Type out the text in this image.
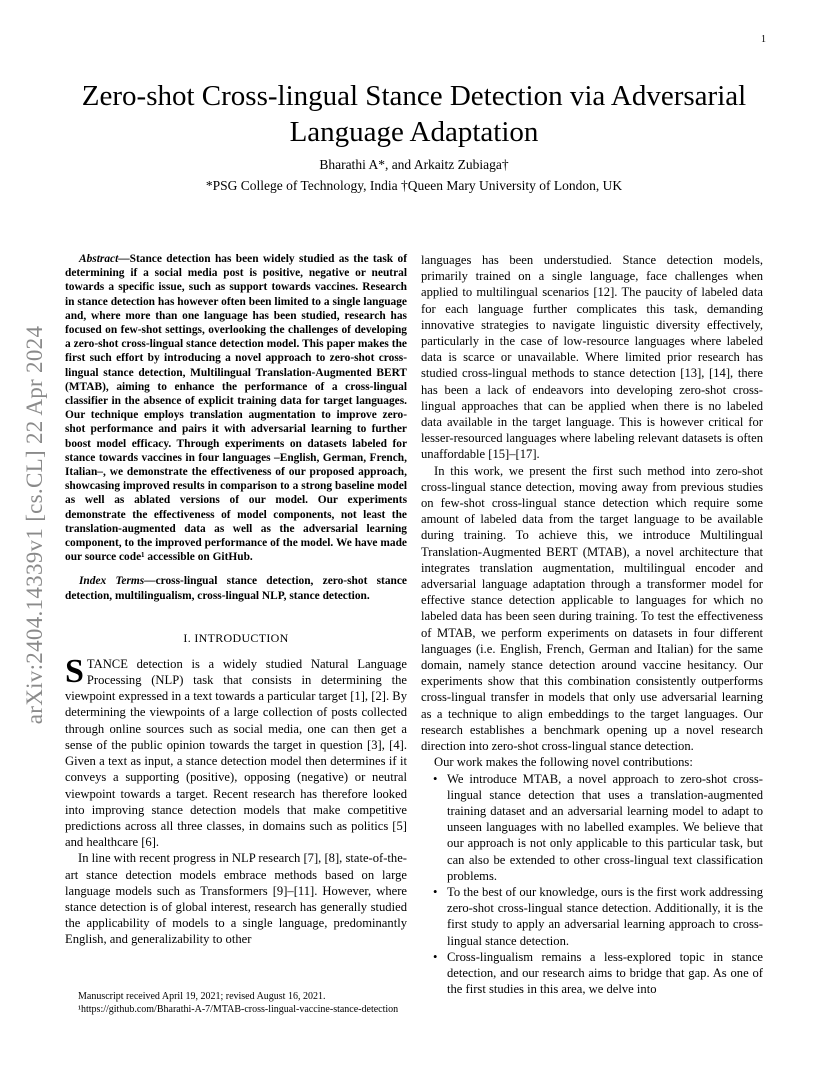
1
arXiv:2404.14339v1 [cs.CL] 22 Apr 2024
Zero-shot Cross-lingual Stance Detection via Adversarial Language Adaptation
Bharathi A*, and Arkaitz Zubiaga†
*PSG College of Technology, India †Queen Mary University of London, UK

Abstract—Stance detection has been widely studied as the task of determining if a social media post is positive, negative or neutral towards a specific issue, such as support towards vaccines. Research in stance detection has however often been limited to a single language and, where more than one language has been studied, research has focused on few-shot settings, overlooking the challenges of developing a zero-shot cross-lingual stance detection model. This paper makes the first such effort by introducing a novel approach to zero-shot cross-lingual stance detection, Multilingual Translation-Augmented BERT (MTAB), aiming to enhance the performance of a cross-lingual classifier in the absence of explicit training data for target languages. Our technique employs translation augmentation to improve zero-shot performance and pairs it with adversarial learning to further boost model efficacy. Through experiments on datasets labeled for stance towards vaccines in four languages –English, German, French, Italian–, we demonstrate the effectiveness of our proposed approach, showcasing improved results in comparison to a strong baseline model as well as ablated versions of our model. Our experiments demonstrate the effectiveness of model components, not least the translation-augmented data as well as the adversarial learning component, to the improved performance of the model. We have made our source code¹ accessible on GitHub.

Index Terms—cross-lingual stance detection, zero-shot stance detection, multilingualism, cross-lingual NLP, stance detection.

I. INTRODUCTION

STANCE detection is a widely studied Natural Language Processing (NLP) task that consists in determining the viewpoint expressed in a text towards a particular target [1], [2]. By determining the viewpoints of a large collection of posts collected through online sources such as social media, one can then get a sense of the public opinion towards the target in question [3], [4]. Given a text as input, a stance detection model then determines if it conveys a supporting (positive), opposing (negative) or neutral viewpoint towards a target. Recent research has therefore looked into improving stance detection models that make competitive predictions across all three classes, in domains such as politics [5] and healthcare [6].

In line with recent progress in NLP research [7], [8], state-of-the-art stance detection models embrace methods based on large language models such as Transformers [9]–[11]. However, where stance detection is of global interest, research has generally studied the applicability of models to a single language, predominantly English, and generalizability to other

languages has been understudied. Stance detection models, primarily trained on a single language, face challenges when applied to multilingual scenarios [12]. The paucity of labeled data for each language further complicates this task, demanding innovative strategies to navigate linguistic diversity effectively, particularly in the case of low-resource languages where labeled data is scarce or unavailable. Where limited prior research has studied cross-lingual methods to stance detection [13], [14], there has been a lack of endeavors into developing zero-shot cross-lingual approaches that can be applied when there is no labeled data available in the target language. This is however critical for lesser-resourced languages where labeling relevant datasets is often unaffordable [15]–[17].

In this work, we present the first such method into zero-shot cross-lingual stance detection, moving away from previous studies on few-shot cross-lingual stance detection which require some amount of labeled data from the target language to be available during training. To achieve this, we introduce Multilingual Translation-Augmented BERT (MTAB), a novel architecture that integrates translation augmentation, multilingual encoder and adversarial language adaptation through a transformer model for effective stance detection applicable to languages for which no labeled data has been seen during training. To test the effectiveness of MTAB, we perform experiments on datasets in four different languages (i.e. English, French, German and Italian) for the same domain, namely stance detection around vaccine hesitancy. Our experiments show that this combination consistently outperforms cross-lingual transfer in models that only use adversarial learning as a technique to align embeddings to the target languages. Our research establishes a benchmark opening up a novel research direction into zero-shot cross-lingual stance detection.

Our work makes the following novel contributions:

• We introduce MTAB, a novel approach to zero-shot cross-lingual stance detection that uses a translation-augmented training dataset and an adversarial learning model to adapt to unseen languages with no labelled examples. We believe that our approach is not only applicable to this particular task, but can also be extended to other cross-lingual text classification problems.
• To the best of our knowledge, ours is the first work addressing zero-shot cross-lingual stance detection. Additionally, it is the first study to apply an adversarial learning approach to cross-lingual stance detection.
• Cross-lingualism remains a less-explored topic in stance detection, and our research aims to bridge that gap. As one of the first studies in this area, we delve into
Manuscript received April 19, 2021; revised August 16, 2021.
¹https://github.com/Bharathi-A-7/MTAB-cross-lingual-vaccine-stance-detection
